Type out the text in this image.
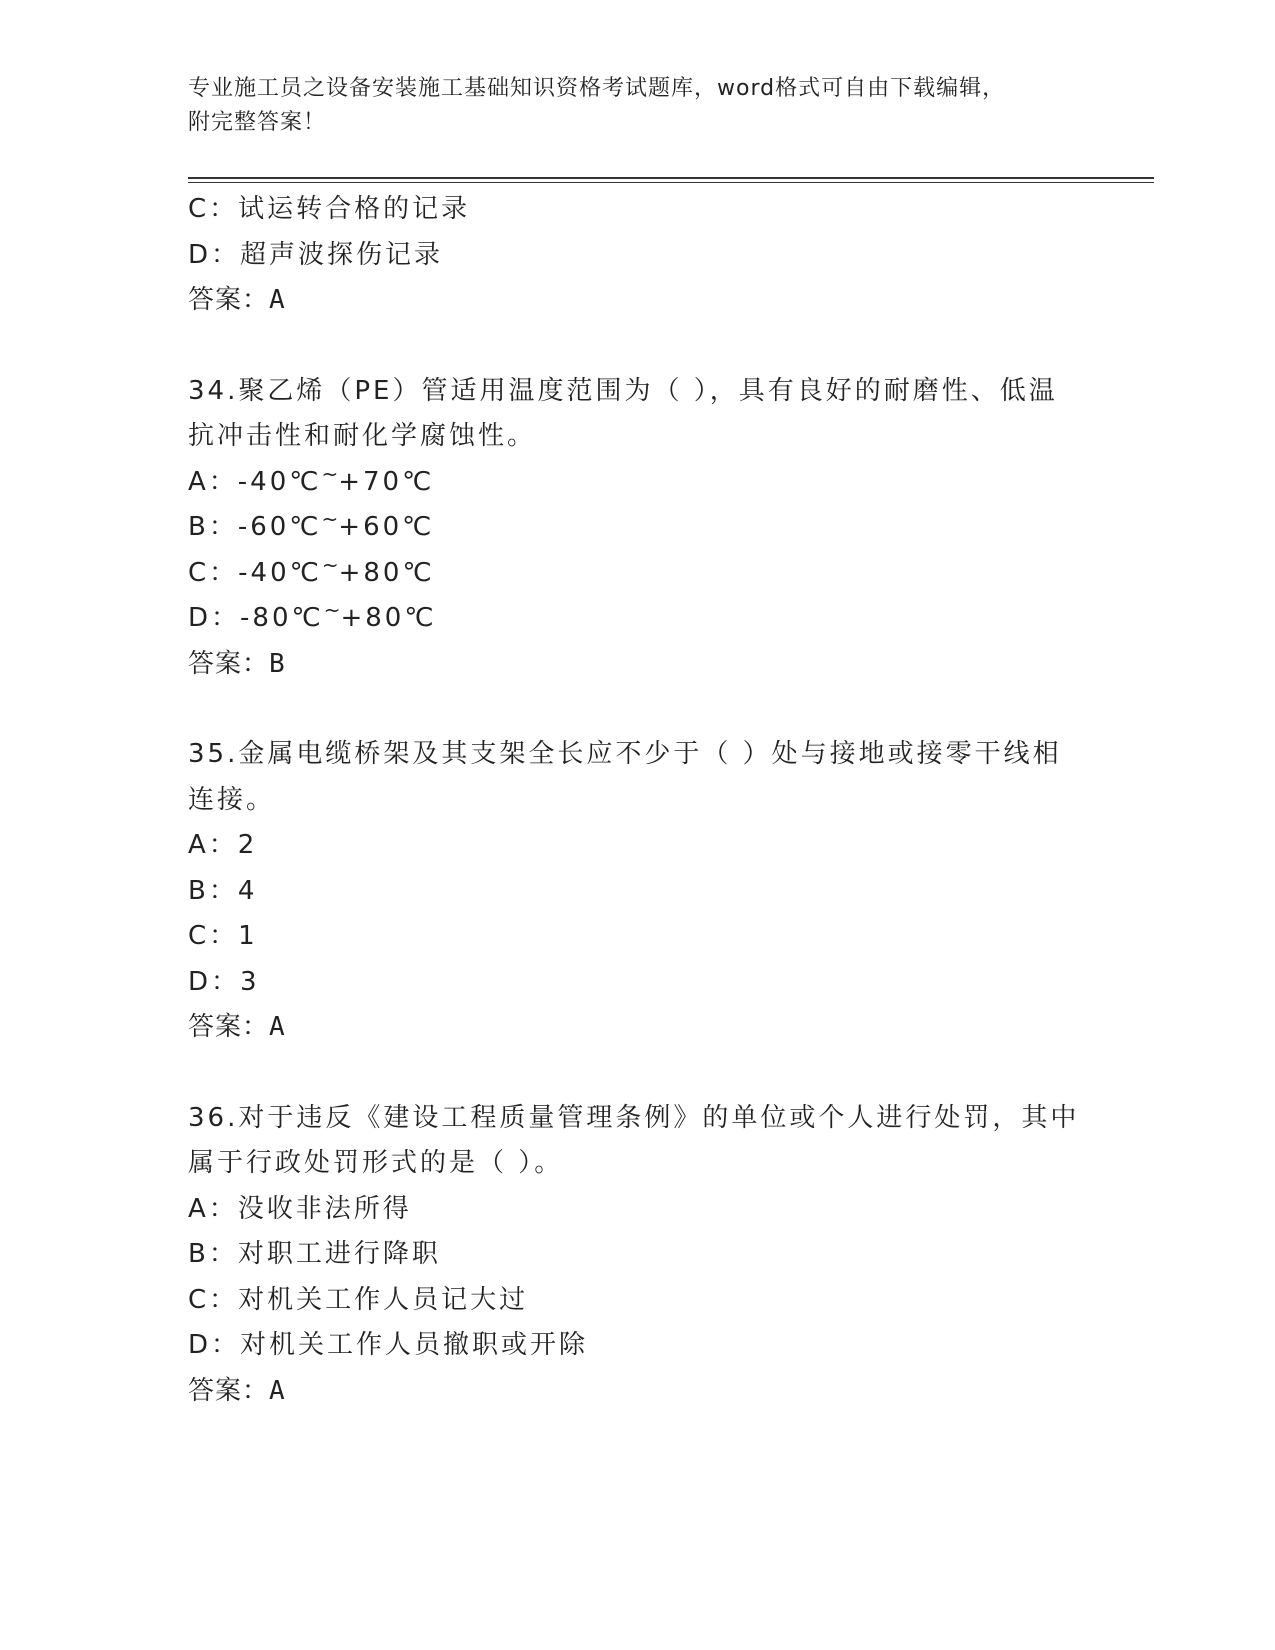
专业施工员之设备安装施工基础知识资格考试题库，word格式可自由下载编辑，
附完整答案！
C：试运转合格的记录
D：超声波探伤记录
答案：A
34.聚乙烯（PE）管适用温度范围为（ ），具有良好的耐磨性、低温
抗冲击性和耐化学腐蚀性。
A：-40℃~+70℃
B：-60℃~+60℃
C：-40℃~+80℃
D：-80℃~+80℃
答案：B
35.金属电缆桥架及其支架全长应不少于（ ）处与接地或接零干线相
连接。
A：2
B：4
C：1
D：3
答案：A
36.对于违反《建设工程质量管理条例》的单位或个人进行处罚，其中
属于行政处罚形式的是（ ）。
A：没收非法所得
B：对职工进行降职
C：对机关工作人员记大过
D：对机关工作人员撤职或开除
答案：A
